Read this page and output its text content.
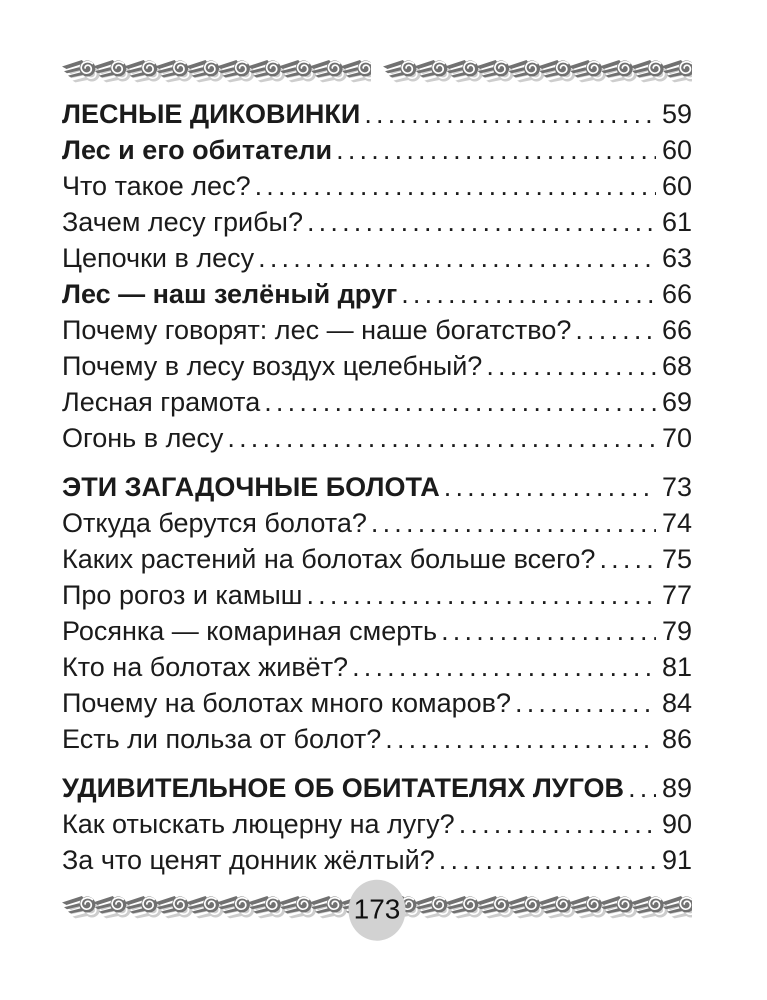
ЛЕСНЫЕ ДИКОВИНКИ .....	59
Лес и его обитатели .....	60
Что такое лес? .....	60
Зачем лесу грибы? .....	61
Цепочки в лесу .....	63
Лес — наш зелёный друг .....	66
Почему говорят: лес — наше богатство? .....	66
Почему в лесу воздух целебный? .....	68
Лесная грамота .....	69
Огонь в лесу .....	70
ЭТИ ЗАГАДОЧНЫЕ БОЛОТА .....	73
Откуда берутся болота? .....	74
Каких растений на болотах больше всего? ..... 75
Про рогоз и камыш .....	77
Росянка — комариная смерть .....	79
Кто на болотах живёт? .....	81
Почему на болотах много комаров? .....	84
Есть ли польза от болот? .....	86
УДИВИТЕЛЬНОЕ ОБ ОБИТАТЕЛЯХ ЛУГОВ ..... 89
Как отыскать люцерну на лугу? .....	90
За что ценят донник жёлтый? .....	91
173
